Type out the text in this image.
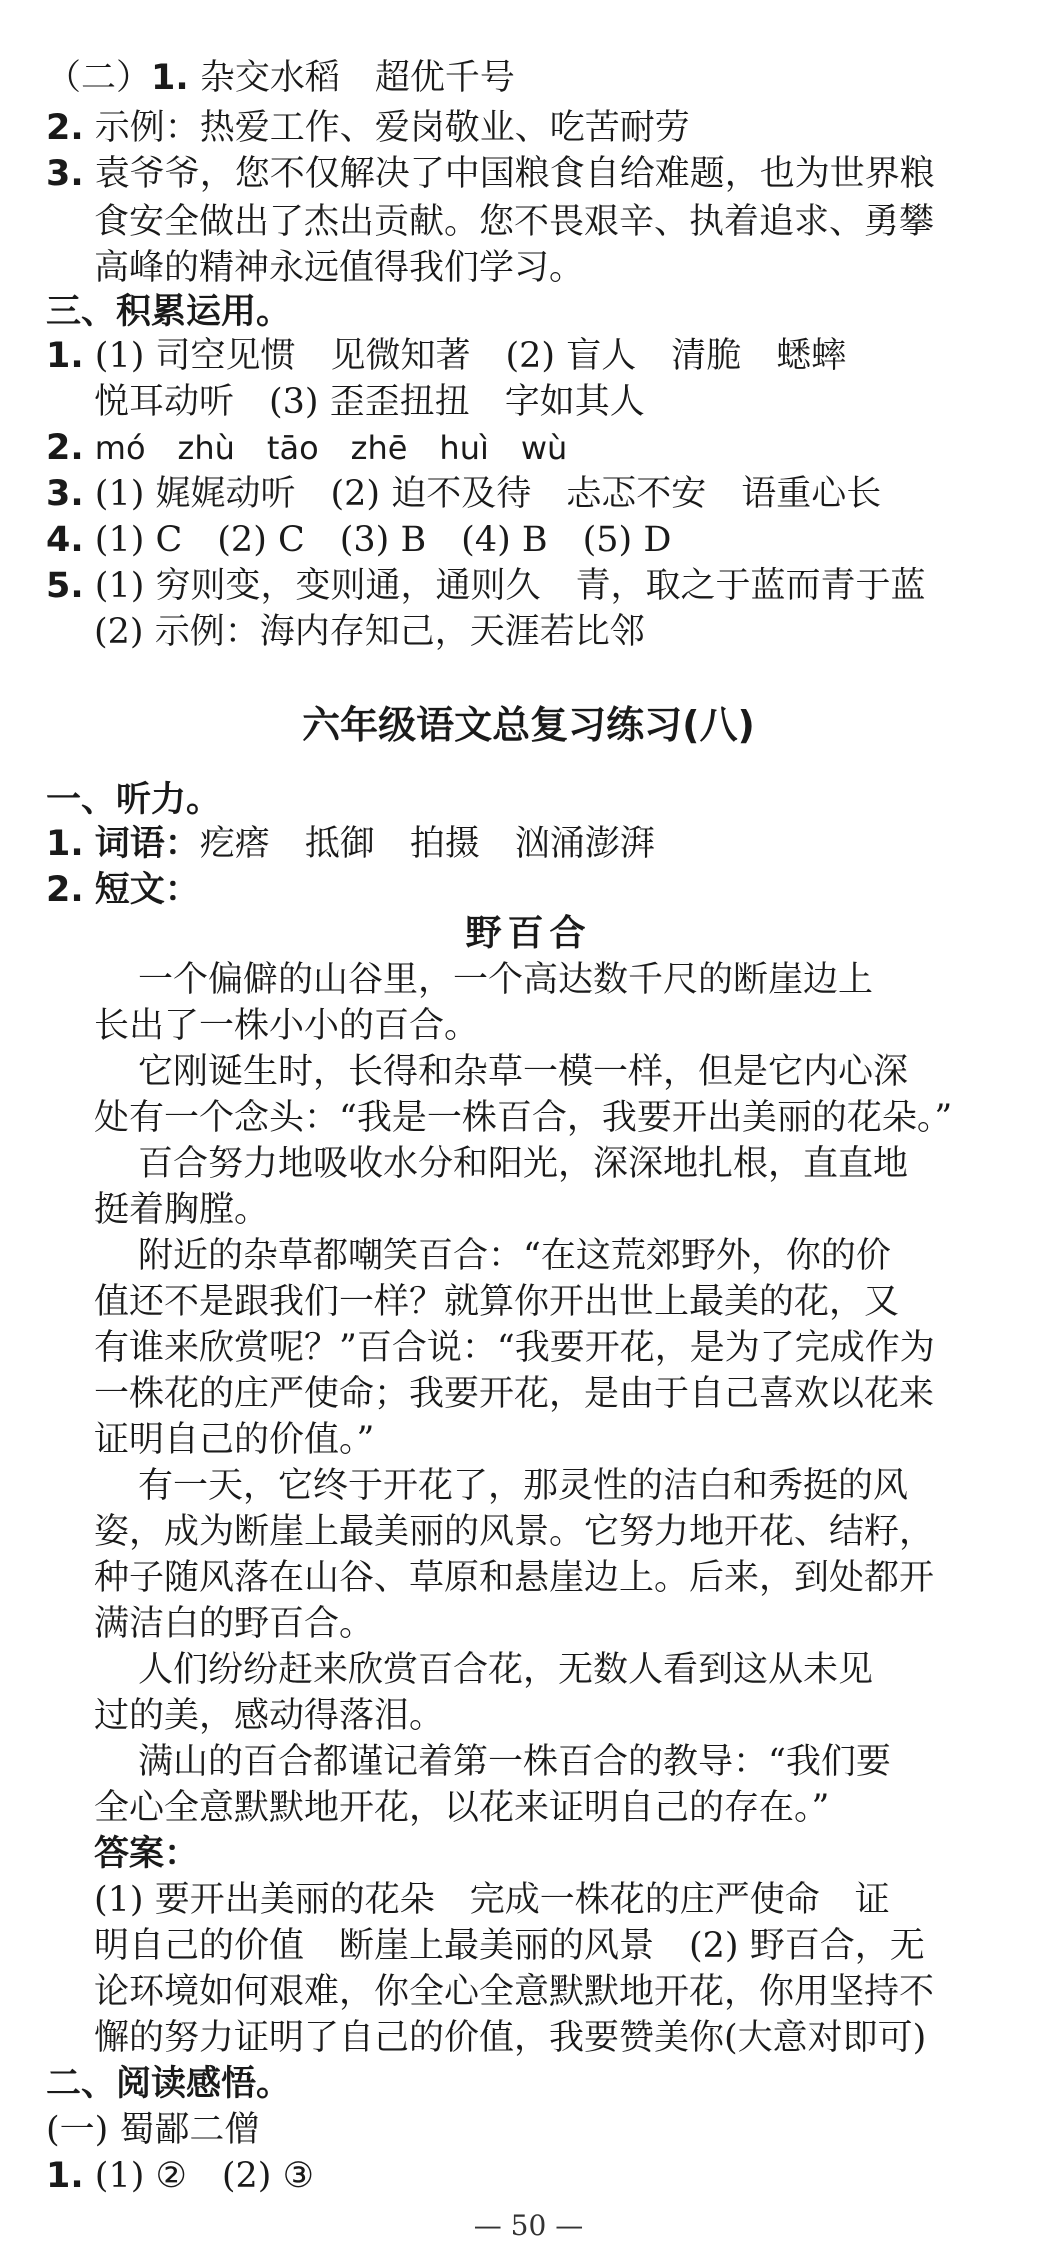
（二）1. 杂交水稻　超优千号
2. 示例：热爱工作、爱岗敬业、吃苦耐劳
3. 袁爷爷，您不仅解决了中国粮食自给难题，也为世界粮
食安全做出了杰出贡献。您不畏艰辛、执着追求、勇攀
高峰的精神永远值得我们学习。
三、积累运用。
1. (1) 司空见惯　见微知著　(2) 盲人　清脆　蟋蟀
悦耳动听　(3) 歪歪扭扭　字如其人
2. mó　zhù　tāo　zhē　huì　wù
3. (1) 娓娓动听　(2) 迫不及待　忐忑不安　语重心长
4. (1) C　(2) C　(3) B　(4) B　(5) D
5. (1) 穷则变，变则通，通则久　青，取之于蓝而青于蓝
(2) 示例：海内存知己，天涯若比邻
六年级语文总复习练习(八)
一、听力。
1. 词语：疙瘩　抵御　拍摄　汹涌澎湃
2. 短文：
野百合
一个偏僻的山谷里，一个高达数千尺的断崖边上
长出了一株小小的百合。
它刚诞生时，长得和杂草一模一样，但是它内心深
处有一个念头：“我是一株百合，我要开出美丽的花朵。”
百合努力地吸收水分和阳光，深深地扎根，直直地
挺着胸膛。
附近的杂草都嘲笑百合：“在这荒郊野外，你的价
值还不是跟我们一样？就算你开出世上最美的花，又
有谁来欣赏呢？”百合说：“我要开花，是为了完成作为
一株花的庄严使命；我要开花，是由于自己喜欢以花来
证明自己的价值。”
有一天，它终于开花了，那灵性的洁白和秀挺的风
姿，成为断崖上最美丽的风景。它努力地开花、结籽，
种子随风落在山谷、草原和悬崖边上。后来，到处都开
满洁白的野百合。
人们纷纷赶来欣赏百合花，无数人看到这从未见
过的美，感动得落泪。
满山的百合都谨记着第一株百合的教导：“我们要
全心全意默默地开花，以花来证明自己的存在。”
答案：
(1) 要开出美丽的花朵　完成一株花的庄严使命　证
明自己的价值　断崖上最美丽的风景　(2) 野百合，无
论环境如何艰难，你全心全意默默地开花，你用坚持不
懈的努力证明了自己的价值，我要赞美你(大意对即可)
二、阅读感悟。
(一) 蜀鄙二僧
1. (1) ②　(2) ③
— 50 —
